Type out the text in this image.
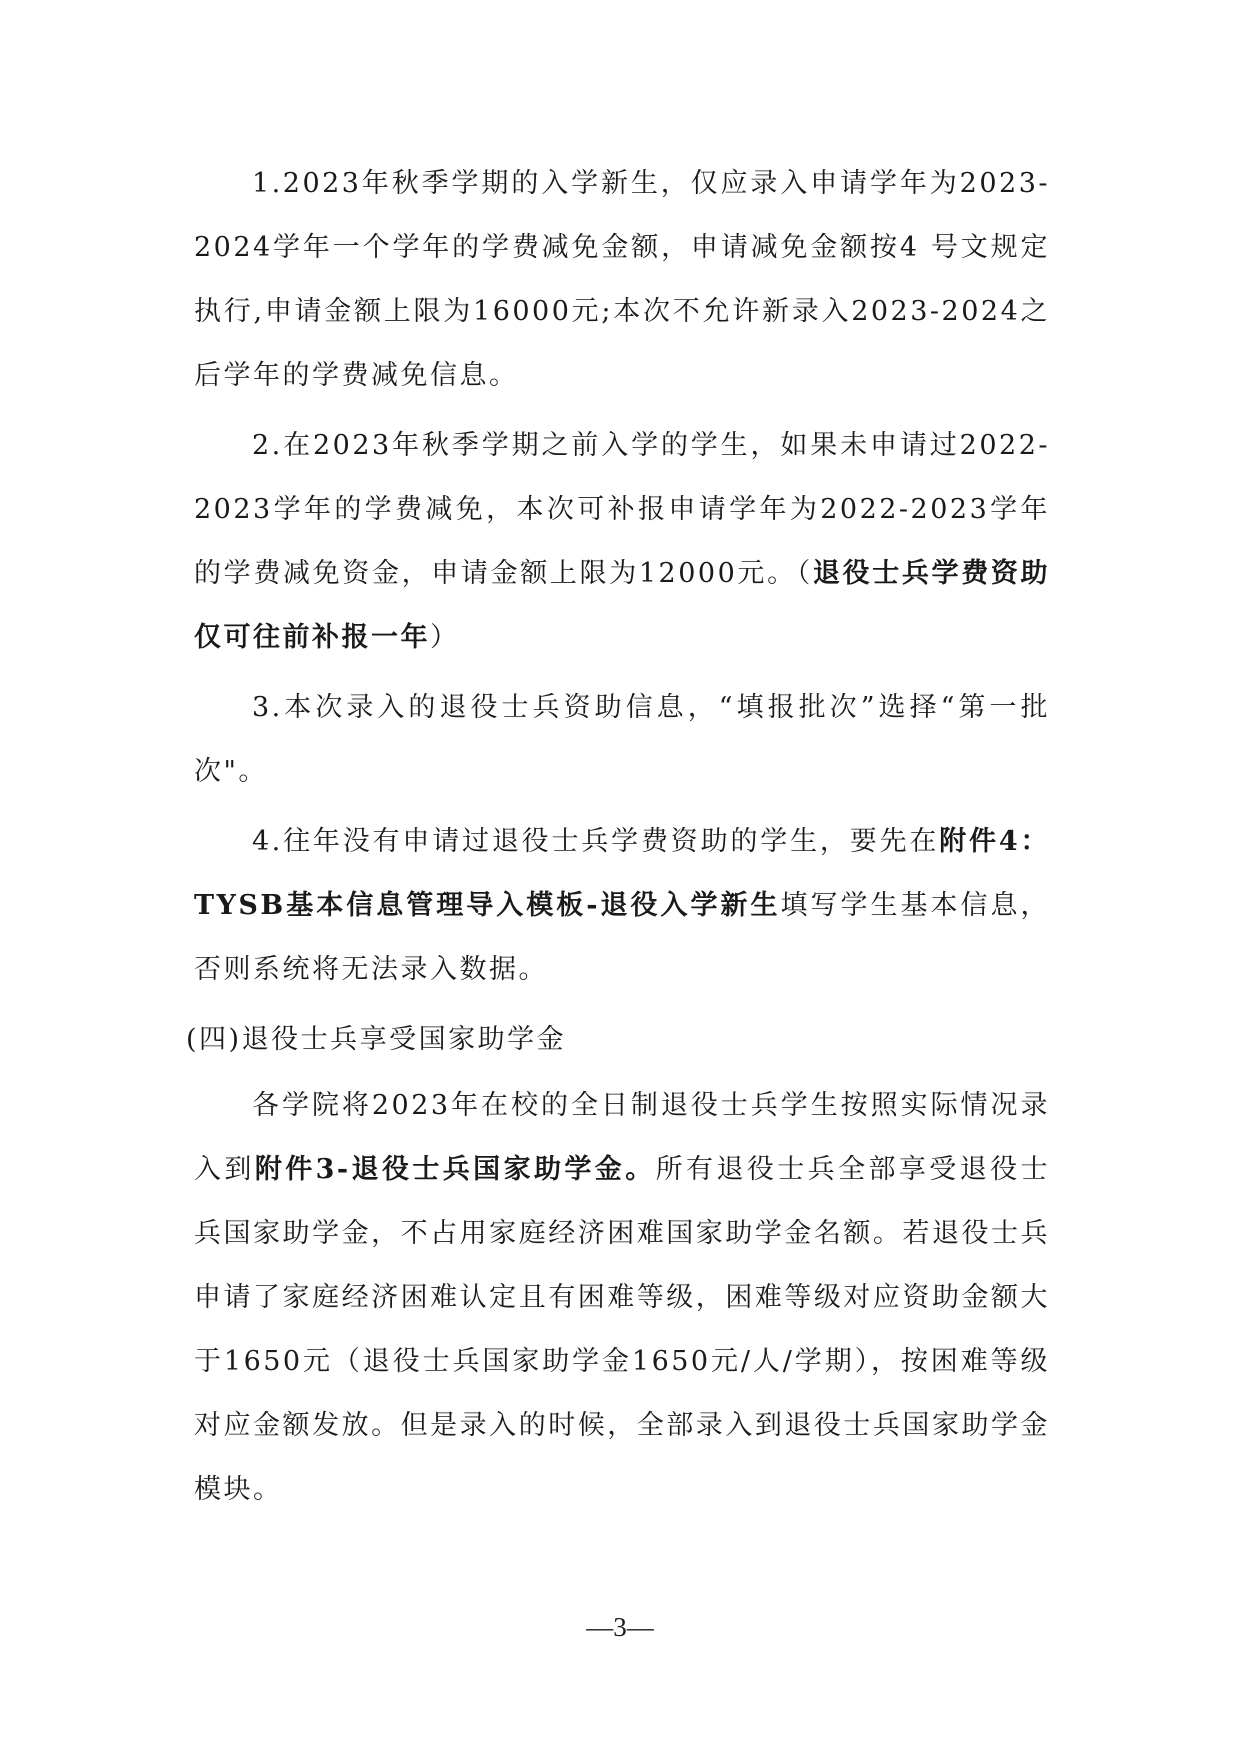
1.2023年秋季学期的入学新生，仅应录入申请学年为2023-2024学年一个学年的学费减免金额，申请减免金额按4 号文规定执行,申请金额上限为16000元;本次不允许新录入2023-2024之后学年的学费减免信息。

2.在2023年秋季学期之前入学的学生，如果未申请过2022-2023学年的学费减免，本次可补报申请学年为2022-2023学年的学费减免资金，申请金额上限为12000元。（退役士兵学费资助仅可往前补报一年）

3.本次录入的退役士兵资助信息，“填报批次”选择“第一批次"。

4.往年没有申请过退役士兵学费资助的学生，要先在附件4：TYSB基本信息管理导入模板-退役入学新生填写学生基本信息，否则系统将无法录入数据。

(四)退役士兵享受国家助学金

各学院将2023年在校的全日制退役士兵学生按照实际情况录入到附件3-退役士兵国家助学金。所有退役士兵全部享受退役士兵国家助学金，不占用家庭经济困难国家助学金名额。若退役士兵申请了家庭经济困难认定且有困难等级，困难等级对应资助金额大于1650元（退役士兵国家助学金1650元/人/学期），按困难等级对应金额发放。但是录入的时候，全部录入到退役士兵国家助学金模块。

—3—
